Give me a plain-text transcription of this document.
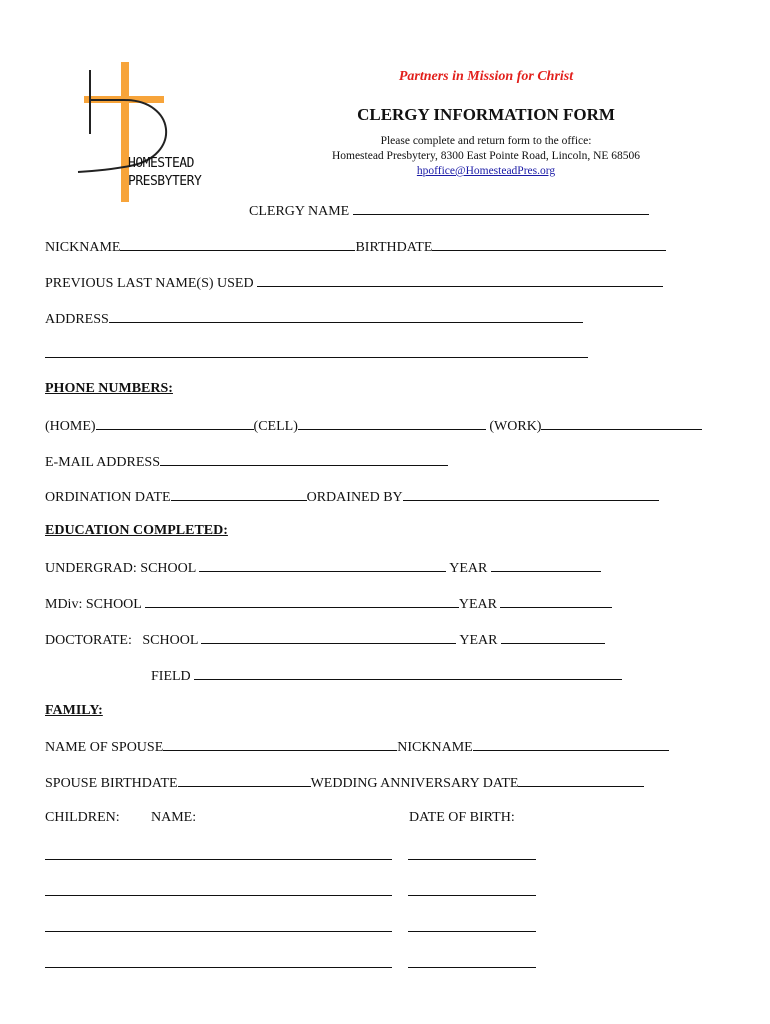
HOMESTEAD
PRESBYTERY
Partners in Mission for Christ
CLERGY INFORMATION FORM
Please complete and return form to the office:
Homestead Presbytery, 8300 East Pointe Road, Lincoln, NE 68506
hpoffice@HomesteadPres.org
CLERGY NAME
NICKNAME	BIRTHDATE
PREVIOUS LAST NAME(S) USED
ADDRESS
PHONE NUMBERS:
(HOME)	(CELL)	(WORK)
E-MAIL ADDRESS
ORDINATION DATE	ORDAINED BY
EDUCATION COMPLETED:
UNDERGRAD: SCHOOL	YEAR
MDiv: SCHOOL	YEAR
DOCTORATE: SCHOOL	YEAR
FIELD
FAMILY:
NAME OF SPOUSE	NICKNAME
SPOUSE BIRTHDATE	WEDDING ANNIVERSARY DATE
CHILDREN: NAME:	DATE OF BIRTH:
